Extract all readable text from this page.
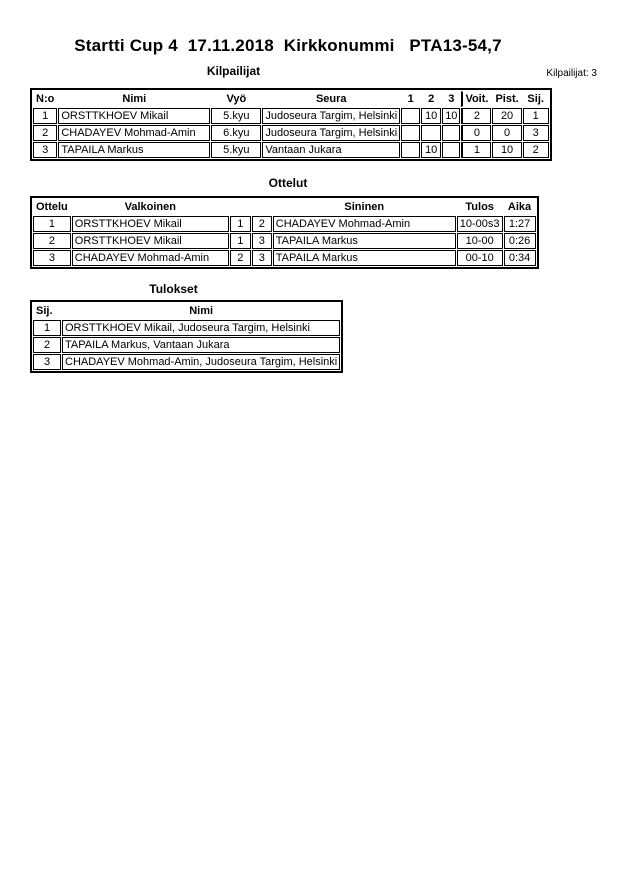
Startti Cup 4  17.11.2018  Kirkkonummi   PTA13-54,7
Kilpailijat	Kilpailijat: 3
N:o	Nimi	Vyö	Seura	1	2	3	Voit.	Pist.	Sij.
1	ORSTTKHOEV Mikail	5.kyu	Judoseura Targim, Helsinki		10	10	2	20	1
2	CHADAYEV Mohmad-Amin	6.kyu	Judoseura Targim, Helsinki				0	0	3
3	TAPAILA Markus	5.kyu	Vantaan Jukara		10		1	10	2
Ottelut
Ottelu	Valkoinen			Sininen	Tulos	Aika
1	ORSTTKHOEV Mikail	1	2	CHADAYEV Mohmad-Amin	10-00s3	1:27
2	ORSTTKHOEV Mikail	1	3	TAPAILA Markus	10-00	0:26
3	CHADAYEV Mohmad-Amin	2	3	TAPAILA Markus	00-10	0:34
Tulokset
Sij.	Nimi
1	ORSTTKHOEV Mikail, Judoseura Targim, Helsinki
2	TAPAILA Markus, Vantaan Jukara
3	CHADAYEV Mohmad-Amin, Judoseura Targim, Helsinki
